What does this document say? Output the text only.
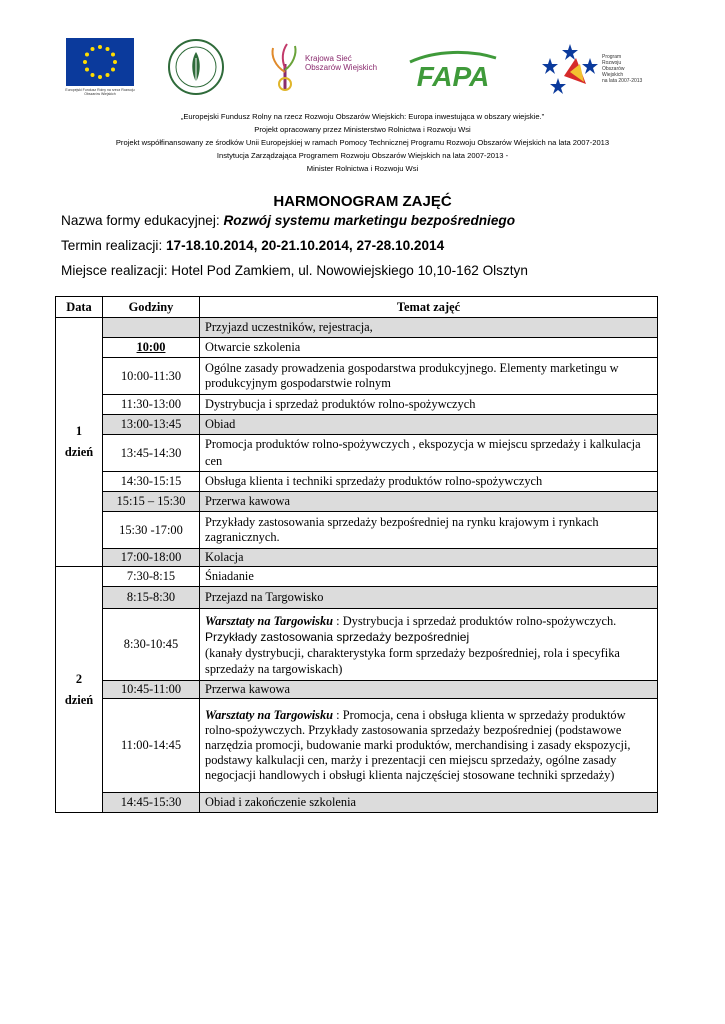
Europejski Fundusz Rolny na rzecz Rozwoju Obszarów Wiejskich
Krajowa Sieć
Obszarów Wiejskich FAPA
Program
Rozwoju
Obszarów
Wiejskich
na lata 2007-2013
„Europejski Fundusz Rolny na rzecz Rozwoju Obszarów Wiejskich: Europa inwestująca w obszary wiejskie.”
Projekt opracowany przez Ministerstwo Rolnictwa i Rozwoju Wsi
Projekt współfinansowany ze środków Unii Europejskiej w ramach Pomocy Technicznej Programu Rozwoju Obszarów Wiejskich na lata 2007-2013
Instytucja Zarządzająca Programem Rozwoju Obszarów Wiejskich na lata 2007-2013 -
Minister Rolnictwa i Rozwoju Wsi
HARMONOGRAM ZAJĘĆ
Nazwa formy edukacyjnej: Rozwój systemu marketingu bezpośredniego
Termin realizacji: 17-18.10.2014, 20-21.10.2014, 27-28.10.2014
Miejsce realizacji: Hotel Pod Zamkiem, ul. Nowowiejskiego 10,10-162 Olsztyn
Data	Godziny	Temat zajęć

1
dzień		Przyjazd uczestników, rejestracja,
	10:00	Otwarcie szkolenia
	10:00-11:30	Ogólne zasady prowadzenia gospodarstwa produkcyjnego. Elementy marketingu w produkcyjnym gospodarstwie rolnym
	11:30-13:00	Dystrybucja i sprzedaż produktów rolno-spożywczych
	13:00-13:45	Obiad
	13:45-14:30	Promocja produktów rolno-spożywczych , ekspozycja w miejscu sprzedaży i kalkulacja cen
	14:30-15:15	Obsługa klienta i techniki sprzedaży produktów rolno-spożywczych
	15:15 – 15:30	Przerwa kawowa
	15:30 -17:00	Przykłady zastosowania sprzedaży bezpośredniej na rynku krajowym i rynkach zagranicznych.
	17:00-18:00	Kolacja

2
dzień	7:30-8:15	Śniadanie
	8:15-8:30	Przejazd na Targowisko
	8:30-10:45	Warsztaty na Targowisku : Dystrybucja i sprzedaż produktów rolno-spożywczych. Przykłady zastosowania sprzedaży bezpośredniej
(kanały dystrybucji, charakterystyka form sprzedaży bezpośredniej, rola i specyfika sprzedaży na targowiskach)
	10:45-11:00	Przerwa kawowa
	11:00-14:45	Warsztaty na Targowisku : Promocja, cena i obsługa klienta w sprzedaży produktów rolno-spożywczych. Przykłady zastosowania sprzedaży bezpośredniej (podstawowe narzędzia promocji, budowanie marki produktów, merchandising i zasady ekspozycji, podstawy kalkulacji cen, marży i prezentacji cen miejscu sprzedaży, ogólne zasady negocjacji handlowych i obsługi klienta najczęściej stosowane techniki sprzedaży)
	14:45-15:30	Obiad i zakończenie szkolenia
